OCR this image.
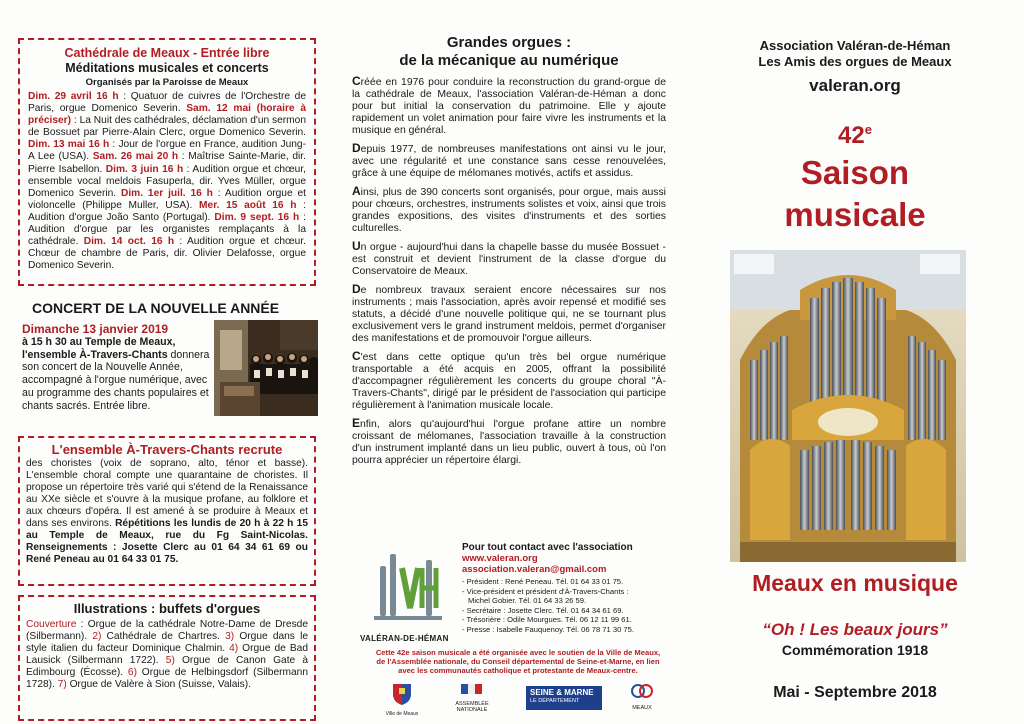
Cathédrale de Meaux - Entrée libre
Méditations musicales et concerts
Organisés par la Paroisse de Meaux

Dim. 29 avril 16 h : Quatuor de cuivres de l'Orchestre de Paris, orgue Domenico Severin. Sam. 12 mai (horaire à préciser) : La Nuit des cathédrales, déclamation d'un sermon de Bossuet par Pierre-Alain Clerc, orgue Domenico Severin. Dim. 13 mai 16 h : Jour de l'orgue en France, audition Jung-A Lee (USA). Sam. 26 mai 20 h : Maîtrise Sainte-Marie, dir. Pierre Isabellon. Dim. 3 juin 16 h : Audition orgue et chœur, ensemble vocal meldois Fasuperla, dir. Yves Müller, orgue Domenico Severin. Dim. 1er juil. 16 h : Audition orgue et violoncelle (Philippe Muller, USA). Mer. 15 août 16 h : Audition d'orgue João Santo (Portugal). Dim. 9 sept. 16 h : Audition d'orgue par les organistes remplaçants à la cathédrale. Dim. 14 oct. 16 h : Audition orgue et chœur. Chœur de chambre de Paris, dir. Olivier Delafosse, orgue Domenico Severin.

CONCERT DE LA NOUVELLE ANNÉE
Dimanche 13 janvier 2019
à 15 h 30 au Temple de Meaux, l'ensemble À-Travers-Chants donnera son concert de la Nouvelle Année, accompagné à l'orgue numérique, avec au programme des chants populaires et chants sacrés. Entrée libre.
L'ensemble À-Travers-Chants recrute

des choristes (voix de soprano, alto, ténor et basse). L'ensemble choral compte une quarantaine de choristes. Il propose un répertoire très varié qui s'étend de la Renaissance au XXe siècle et s'ouvre à la musique profane, au folklore et aux chœurs d'opéra. Il est amené à se produire à Meaux et dans ses environs. Répétitions les lundis de 20 h à 22 h 15 au Temple de Meaux, rue du Fg Saint-Nicolas. Renseignements : Josette Clerc au 01 64 34 61 69 ou René Peneau au 01 64 33 01 75.

Illustrations : buffets d'orgues

Couverture : Orgue de la cathédrale Notre-Dame de Dresde (Silbermann). 2) Cathédrale de Chartres. 3) Orgue dans le style italien du facteur Dominique Chalmin. 4) Orgue de Bad Lausick (Silbermann 1722). 5) Orgue de Canon Gate à Edimbourg (Écosse). 6) Orgue de Helbingsdorf (Silbermann 1728). 7) Orgue de Valère à Sion (Suisse, Valais).

Grandes orgues :
de la mécanique au numérique

Créée en 1976 pour conduire la reconstruction du grand-orgue de la cathédrale de Meaux, l'association Valéran-de-Héman a donc pour but initial la conservation du patrimoine. Elle y ajoute rapidement un volet animation pour faire vivre les instruments et la musique en général.

Depuis 1977, de nombreuses manifestations ont ainsi vu le jour, avec une régularité et une constance sans cesse renouvelées, grâce à une équipe de mélomanes motivés, actifs et assidus.

Ainsi, plus de 390 concerts sont organisés, pour orgue, mais aussi pour chœurs, orchestres, instruments solistes et voix, ainsi que trois grandes expositions, des visites d'instruments et des sorties culturelles.

Un orgue - aujourd'hui dans la chapelle basse du musée Bossuet - est construit et devient l'instrument de la classe d'orgue du Conservatoire de Meaux.

De nombreux travaux seraient encore nécessaires sur nos instruments ; mais l'association, après avoir repensé et modifié ses statuts, a décidé d'une nouvelle politique qui, ne se tournant plus exclusivement vers le grand instrument meldois, permet d'organiser des manifestations et de promouvoir l'orgue ailleurs.

C'est dans cette optique qu'un très bel orgue numérique transportable a été acquis en 2005, offrant la possibilité d'accompagner régulièrement les concerts du groupe choral "À-Travers-Chants", dirigé par le président de l'association qui participe régulièrement à l'animation musicale locale.

Enfin, alors qu'aujourd'hui l'orgue profane attire un nombre croissant de mélomanes, l'association travaille à la construction d'un instrument implanté dans un lieu public, ouvert à tous, où l'on pourra apprécier un répertoire élargi.

VALÉRAN-DE-HÉMAN
Pour tout contact avec l'association
www.valeran.org
association.valeran@gmail.com
- Président : René Peneau. Tél. 01 64 33 01 75.
- Vice-président et président d'À-Travers-Chants :
Michel Gobier. Tél. 01 64 33 26 59.
- Secrétaire : Josette Clerc. Tél. 01 64 34 61 69.
- Trésorière : Odile Mourgues. Tél. 06 12 11 99 61.
- Presse : Isabelle Fauquenoy. Tél. 06 78 71 30 75.
Cette 42e saison musicale a été organisée avec le soutien de la Ville de Meaux, de l'Assemblée nationale, du Conseil départemental de Seine-et-Marne, en lien avec les communautés catholique et protestante de Meaux-centre.
Ville de Meaux
ASSEMBLÉE
NATIONALE
SEINE & MARNE
LE DÉPARTEMENT
MEAUX
Association Valéran-de-Héman
Les Amis des orgues de Meaux
valeran.org
42e
Saison
musicale
Meaux en musique
“Oh ! Les beaux jours”
Commémoration 1918
Mai - Septembre 2018
